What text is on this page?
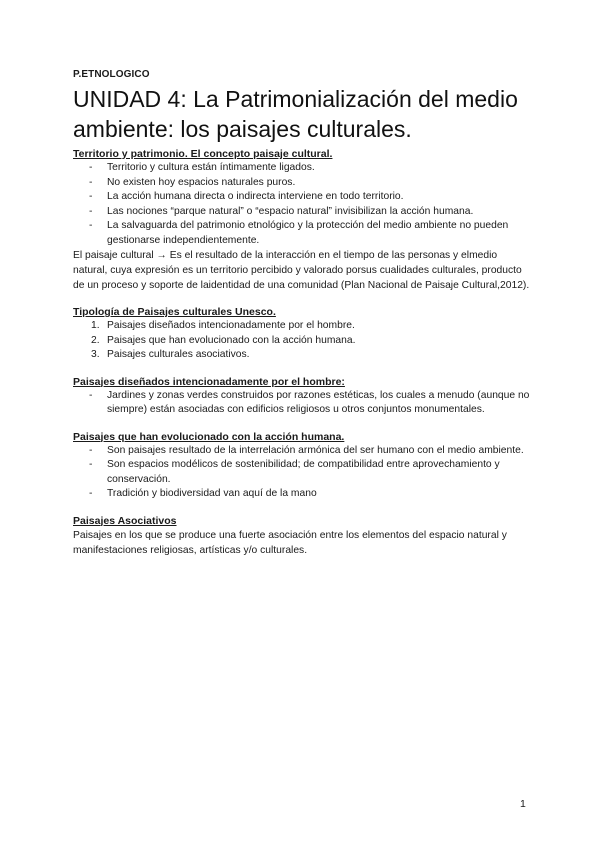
P.ETNOLOGICO
UNIDAD 4: La Patrimonialización del medio ambiente: los paisajes culturales.
Territorio y patrimonio. El concepto paisaje cultural.
- Territorio y cultura están íntimamente ligados.
- No existen hoy espacios naturales puros.
- La acción humana directa o indirecta interviene en todo territorio.
- Las nociones “parque natural” o “espacio natural” invisibilizan la acción humana.
- La salvaguarda del patrimonio etnológico y la protección del medio ambiente no pueden gestionarse independientemente.

El paisaje cultural → Es el resultado de la interacción en el tiempo de las personas y elmedio natural, cuya expresión es un territorio percibido y valorado porsus cualidades culturales, producto de un proceso y soporte de laidentidad de una comunidad (Plan Nacional de Paisaje Cultural,2012).

Tipología de Paisajes culturales Unesco.
1. Paisajes diseñados intencionadamente por el hombre.
2. Paisajes que han evolucionado con la acción humana.
3. Paisajes culturales asociativos.
Paisajes diseñados intencionadamente por el hombre:
- Jardines y zonas verdes construidos por razones estéticas, los cuales a menudo (aunque no siempre) están asociadas con edificios religiosos u otros conjuntos monumentales.
Paisajes que han evolucionado con la acción humana.
- Son paisajes resultado de la interrelación armónica del ser humano con el medio ambiente.
- Son espacios modélicos de sostenibilidad; de compatibilidad entre aprovechamiento y conservación.
- Tradición y biodiversidad van aquí de la mano
Paisajes Asociativos

Paisajes en los que se produce una fuerte asociación entre los elementos del espacio natural y manifestaciones religiosas, artísticas y/o culturales.

1
